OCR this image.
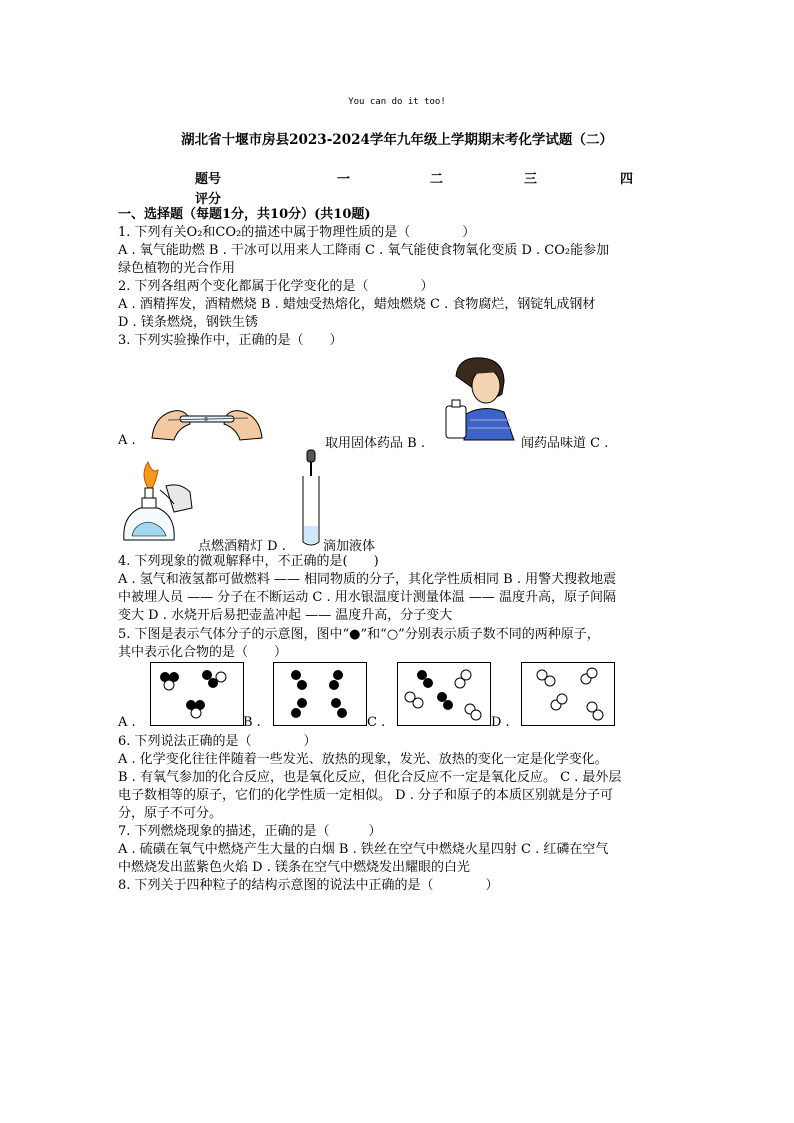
You can do it too!
湖北省十堰市房县2023-2024学年九年级上学期期末考化学试题（二）
题号	一	二	三	四
评分
一、选择题（每题1分，共10分）(共10题)
1. 下列有关O₂和CO₂的描述中属于物理性质的是（　　　　）
A . 氧气能助燃 B . 干冰可以用来人工降雨 C . 氧气能使食物氧化变质 D . CO₂能参加
绿色植物的光合作用
2. 下列各组两个变化都属于化学变化的是（　　　　）
A . 酒精挥发，酒精燃烧 B . 蜡烛受热熔化，蜡烛燃烧 C . 食物腐烂，钢锭轧成钢材
D . 镁条燃烧，钢铁生锈
3. 下列实验操作中，正确的是（　　）
A .	取用固体药品 B .	闻药品味道 C .
点燃酒精灯 D .	滴加液体
4. 下列现象的微观解释中，不正确的是(　　)
A . 氢气和液氢都可做燃料 —— 相同物质的分子，其化学性质相同 B . 用警犬搜救地震
中被埋人员 —— 分子在不断运动 C . 用水银温度计测量体温 —— 温度升高，原子间隔
变大 D . 水烧开后易把壶盖冲起 —— 温度升高，分子变大
5. 下图是表示气体分子的示意图，图中“●”和“○”分别表示质子数不同的两种原子，
其中表示化合物的是（　　）
A .	B .	C .	D .
6. 下列说法正确的是（　　　　）
A . 化学变化往往伴随着一些发光、放热的现象，发光、放热的变化一定是化学变化。
B . 有氧气参加的化合反应，也是氧化反应，但化合反应不一定是氧化反应。 C . 最外层
电子数相等的原子，它们的化学性质一定相似。 D . 分子和原子的本质区别就是分子可
分，原子不可分。
7. 下列燃烧现象的描述，正确的是（　　　）
A . 硫磺在氧气中燃烧产生大量的白烟 B . 铁丝在空气中燃烧火星四射 C . 红磷在空气
中燃烧发出蓝紫色火焰 D . 镁条在空气中燃烧发出耀眼的白光
8. 下列关于四种粒子的结构示意图的说法中正确的是（　　　　）
